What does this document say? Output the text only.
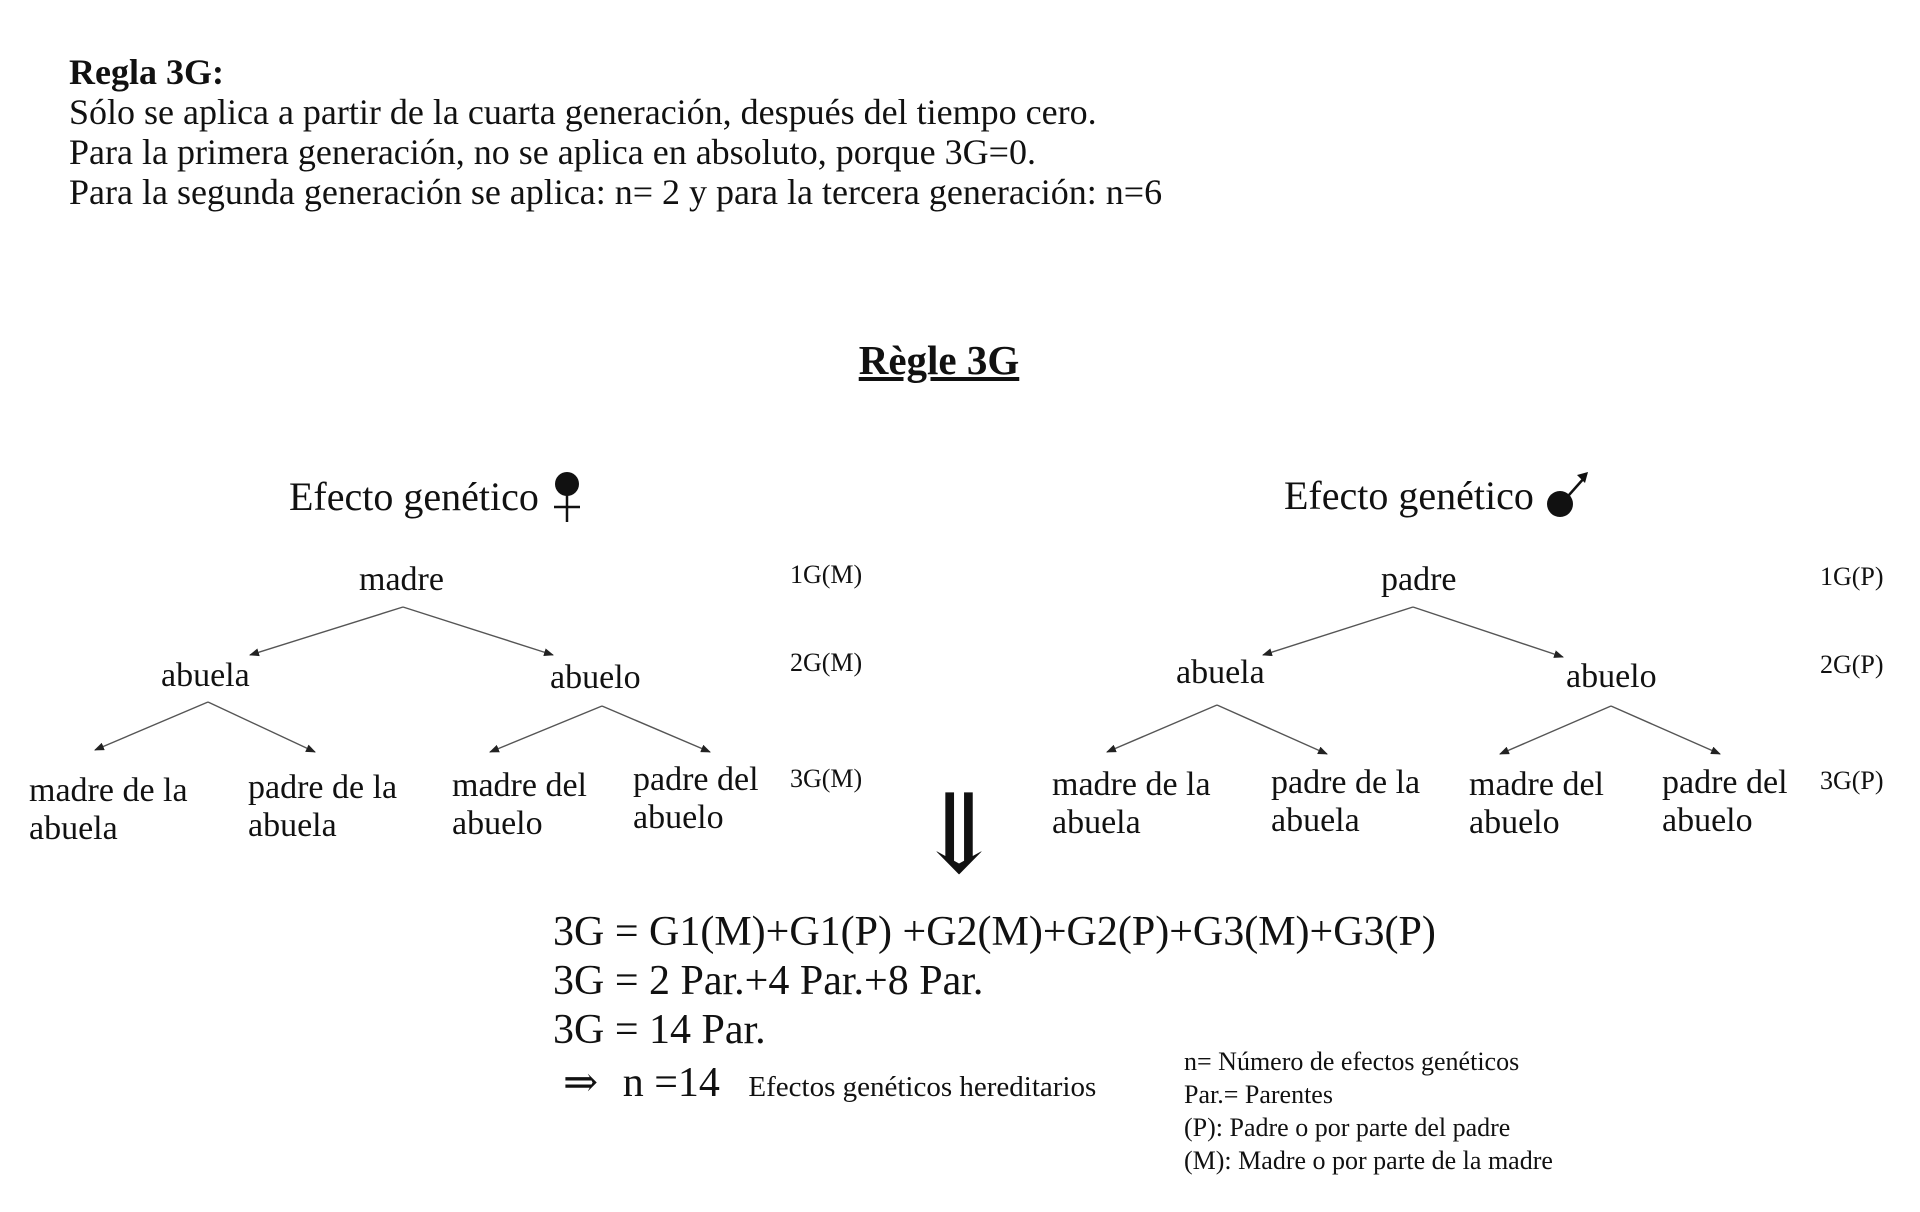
Regla 3G:
Sólo se aplica a partir de la cuarta generación, después del tiempo cero.
Para la primera generación, no se aplica en absoluto, porque 3G=0.
Para la segunda generación se aplica: n= 2 y para la tercera generación: n=6
Règle 3G
Efecto genético
madre
abuela	abuelo
madre de la
abuela
padre de la
abuela
madre del
abuelo
padre del
abuelo
1G(M)
2G(M)
3G(M)
Efecto genético
padre
abuela	abuelo
madre de la
abuela
padre de la
abuela
madre del
abuelo
padre del
abuelo
1G(P)
2G(P)
3G(P)
⇓
3G = G1(M)+G1(P) +G2(M)+G2(P)+G3(M)+G3(P)
3G = 2 Par.+4 Par.+8 Par.
3G = 14 Par.
⇒ n =14 Efectos genéticos hereditarios
n= Número de efectos genéticos
Par.= Parentes
(P): Padre o por parte del padre
(M): Madre o por parte de la madre
